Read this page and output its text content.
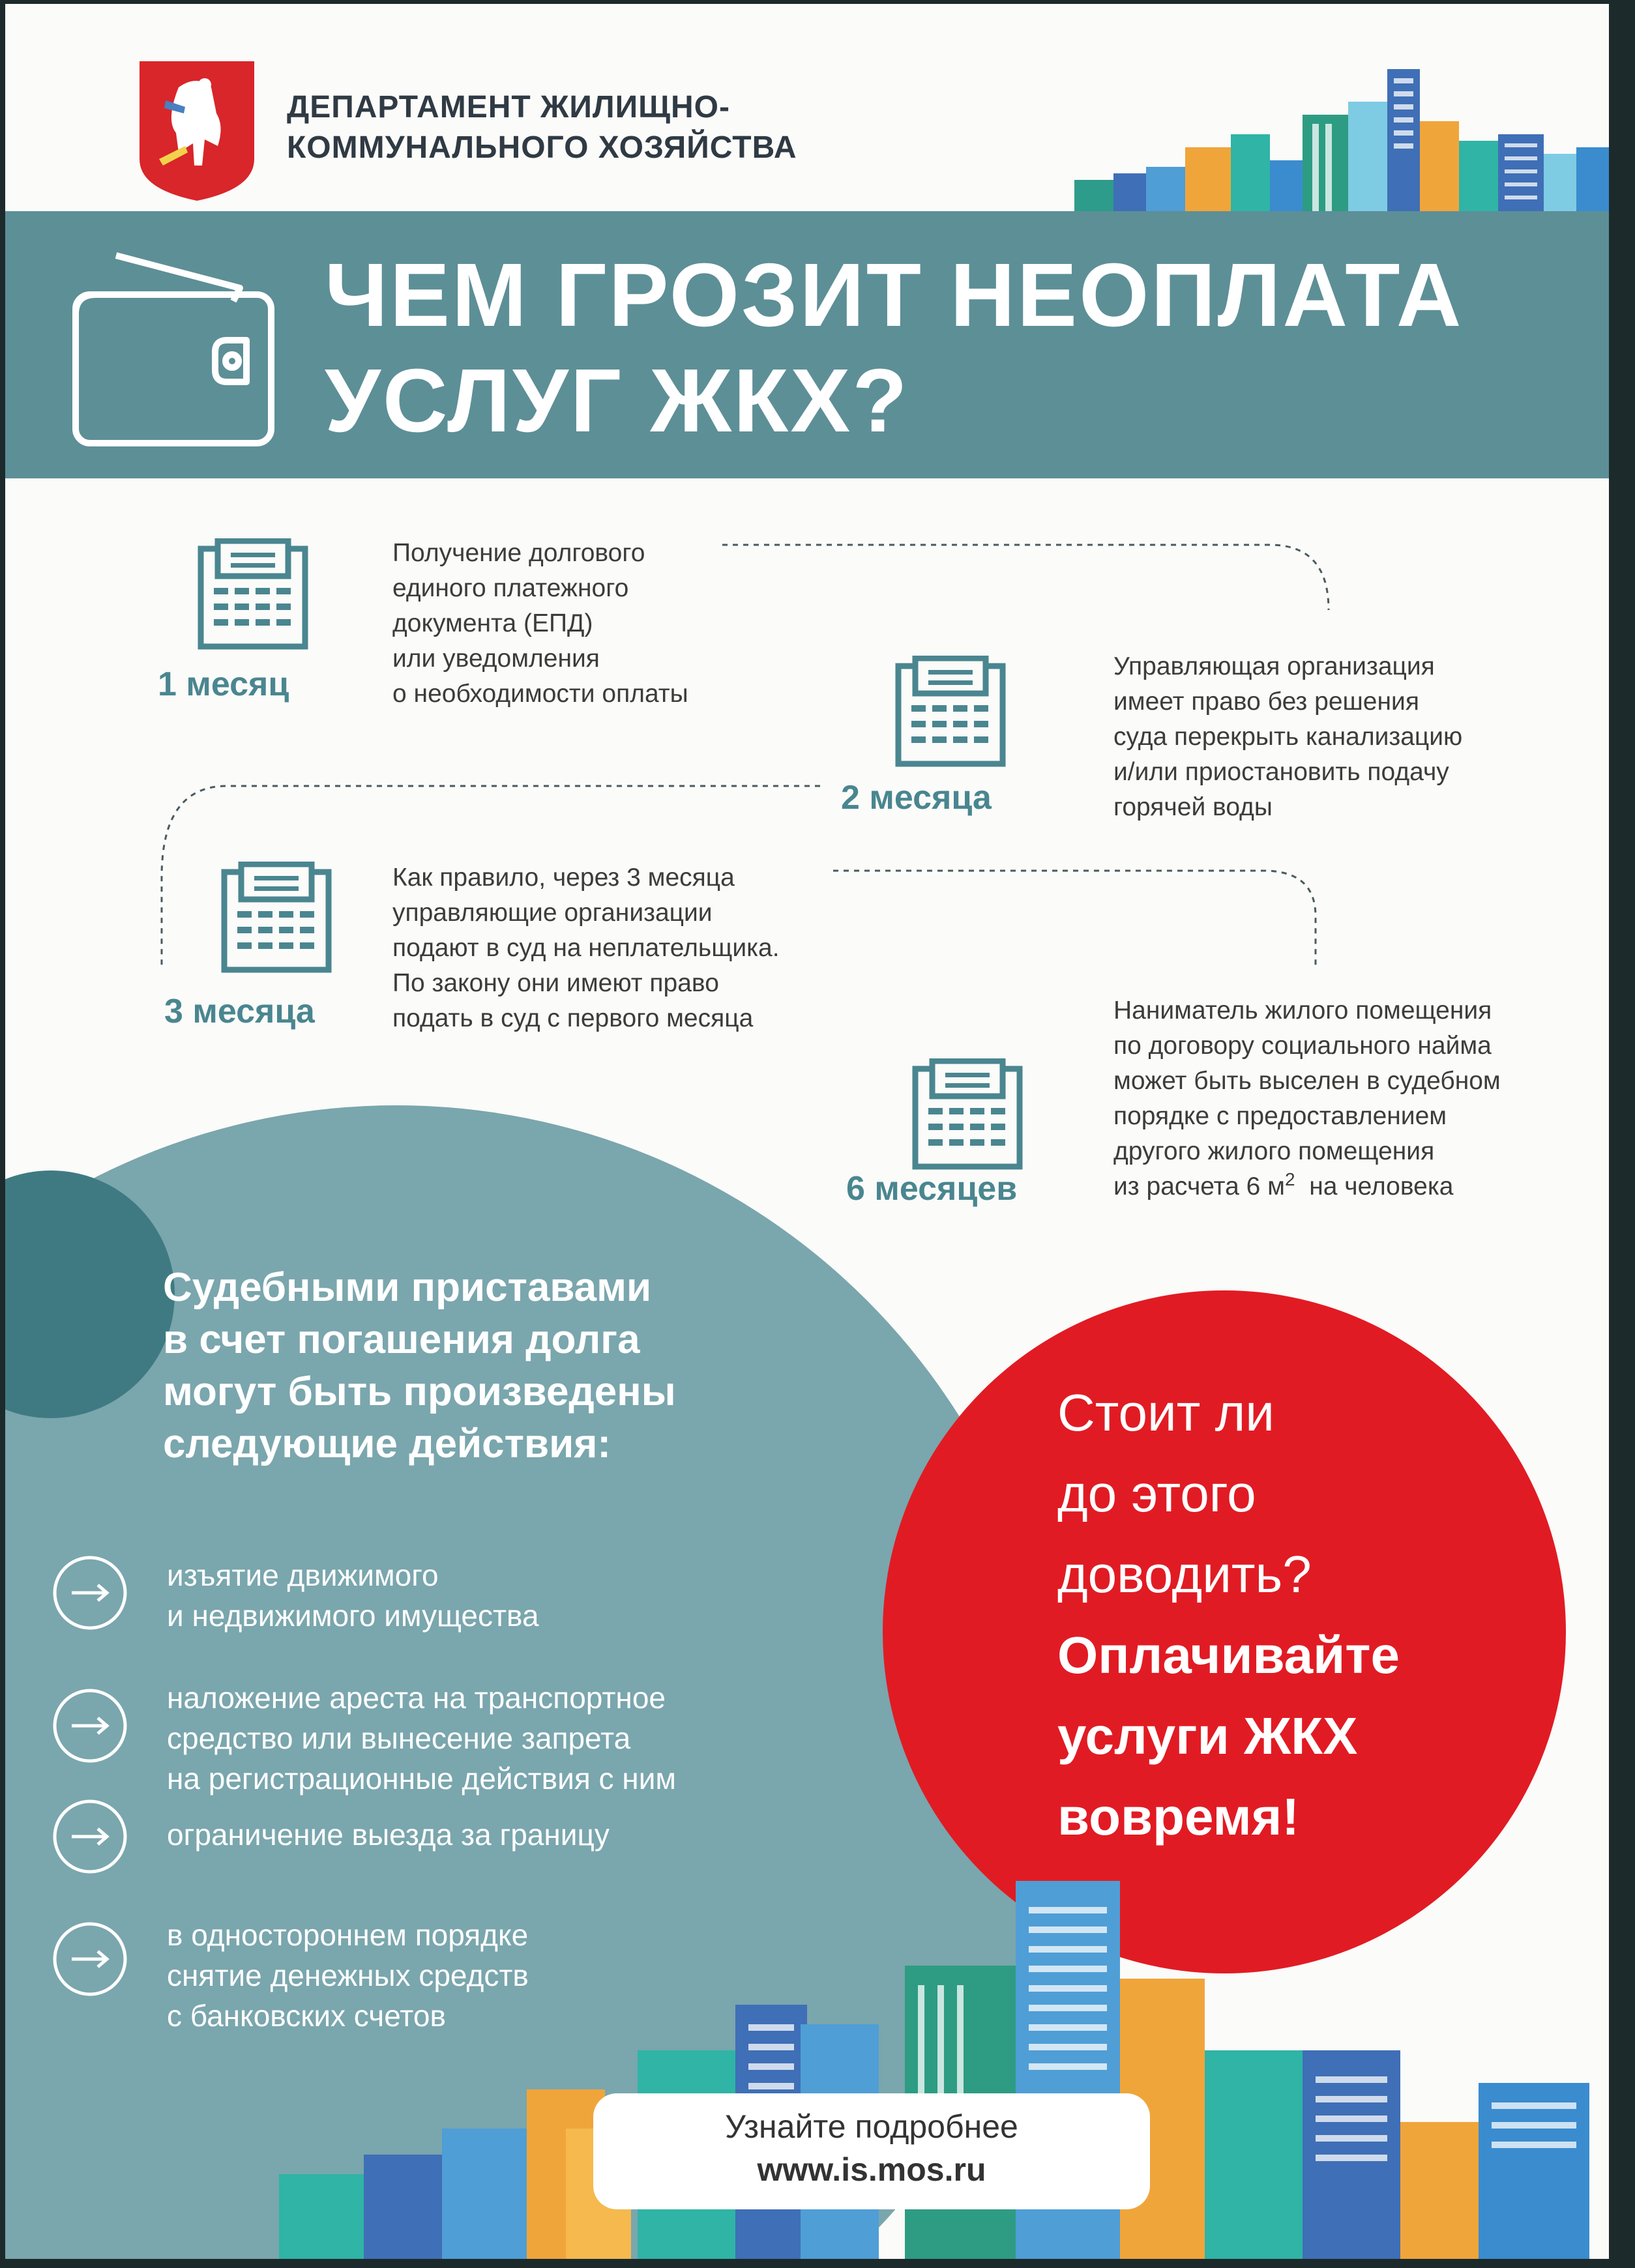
ДЕПАРТАМЕНТ ЖИЛИЩНО-
КОММУНАЛЬНОГО ХОЗЯЙСТВА
ЧЕМ ГРОЗИТ НЕОПЛАТА
УСЛУГ ЖКХ?
1 месяц
Получение долгового
единого платежного
документа (ЕПД)
или уведомления
о необходимости оплаты
2 месяца
Управляющая организация
имеет право без решения
суда перекрыть канализацию
и/или приостановить подачу
горячей воды
3 месяца
Как правило, через 3 месяца
управляющие организации
подают в суд на неплательщика.
По закону они имеют право
подать в суд с первого месяца
6 месяцев
Наниматель жилого помещения
по договору социального найма
может быть выселен в судебном
порядке с предоставлением
другого жилого помещения
из расчета 6 $м^2$  на человека
Судебными приставами
в счет погашения долга
могут быть произведены
следующие действия:
изъятие движимого
и недвижимого имущества
наложение ареста на транспортное
средство или вынесение запрета
на регистрационные действия с ним
ограничение выезда за границу
в одностороннем порядке
снятие денежных средств
с банковских счетов
Стоит ли
до этого
доводить?
Оплачивайте
услуги ЖКХ
вовремя!
Узнайте подробнее
www.is.mos.ru
